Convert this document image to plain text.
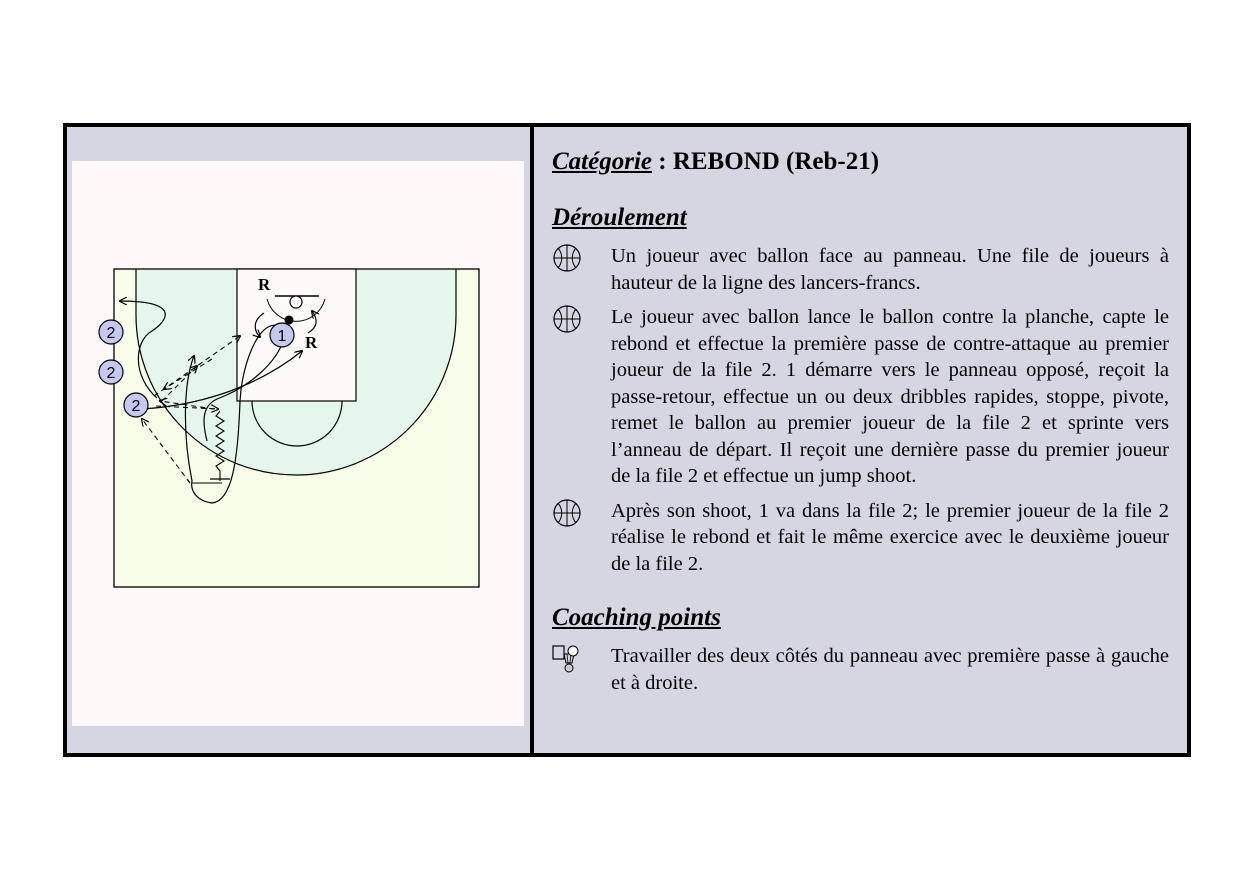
2
2
2
1
R
R

Catégorie : REBOND (Reb-21)

Déroulement

Un joueur avec ballon face au panneau. Une file de joueurs à hauteur de la ligne des lancers-francs.
Le joueur avec ballon lance le ballon contre la planche, capte le rebond et effectue la première passe de contre-attaque au premier joueur de la file 2. 1 démarre vers le panneau opposé, reçoit la passe-retour, effectue un ou deux dribbles rapides, stoppe, pivote, remet le ballon au premier joueur de la file 2 et sprinte vers l’anneau de départ. Il reçoit une dernière passe du premier joueur de la file 2 et effectue un jump shoot.
Après son shoot, 1 va dans la file 2; le premier joueur de la file 2 réalise le rebond et fait le même exercice avec le deuxième joueur de la file 2.

Coaching points

Travailler des deux côtés du panneau avec première passe à gauche et à droite.
